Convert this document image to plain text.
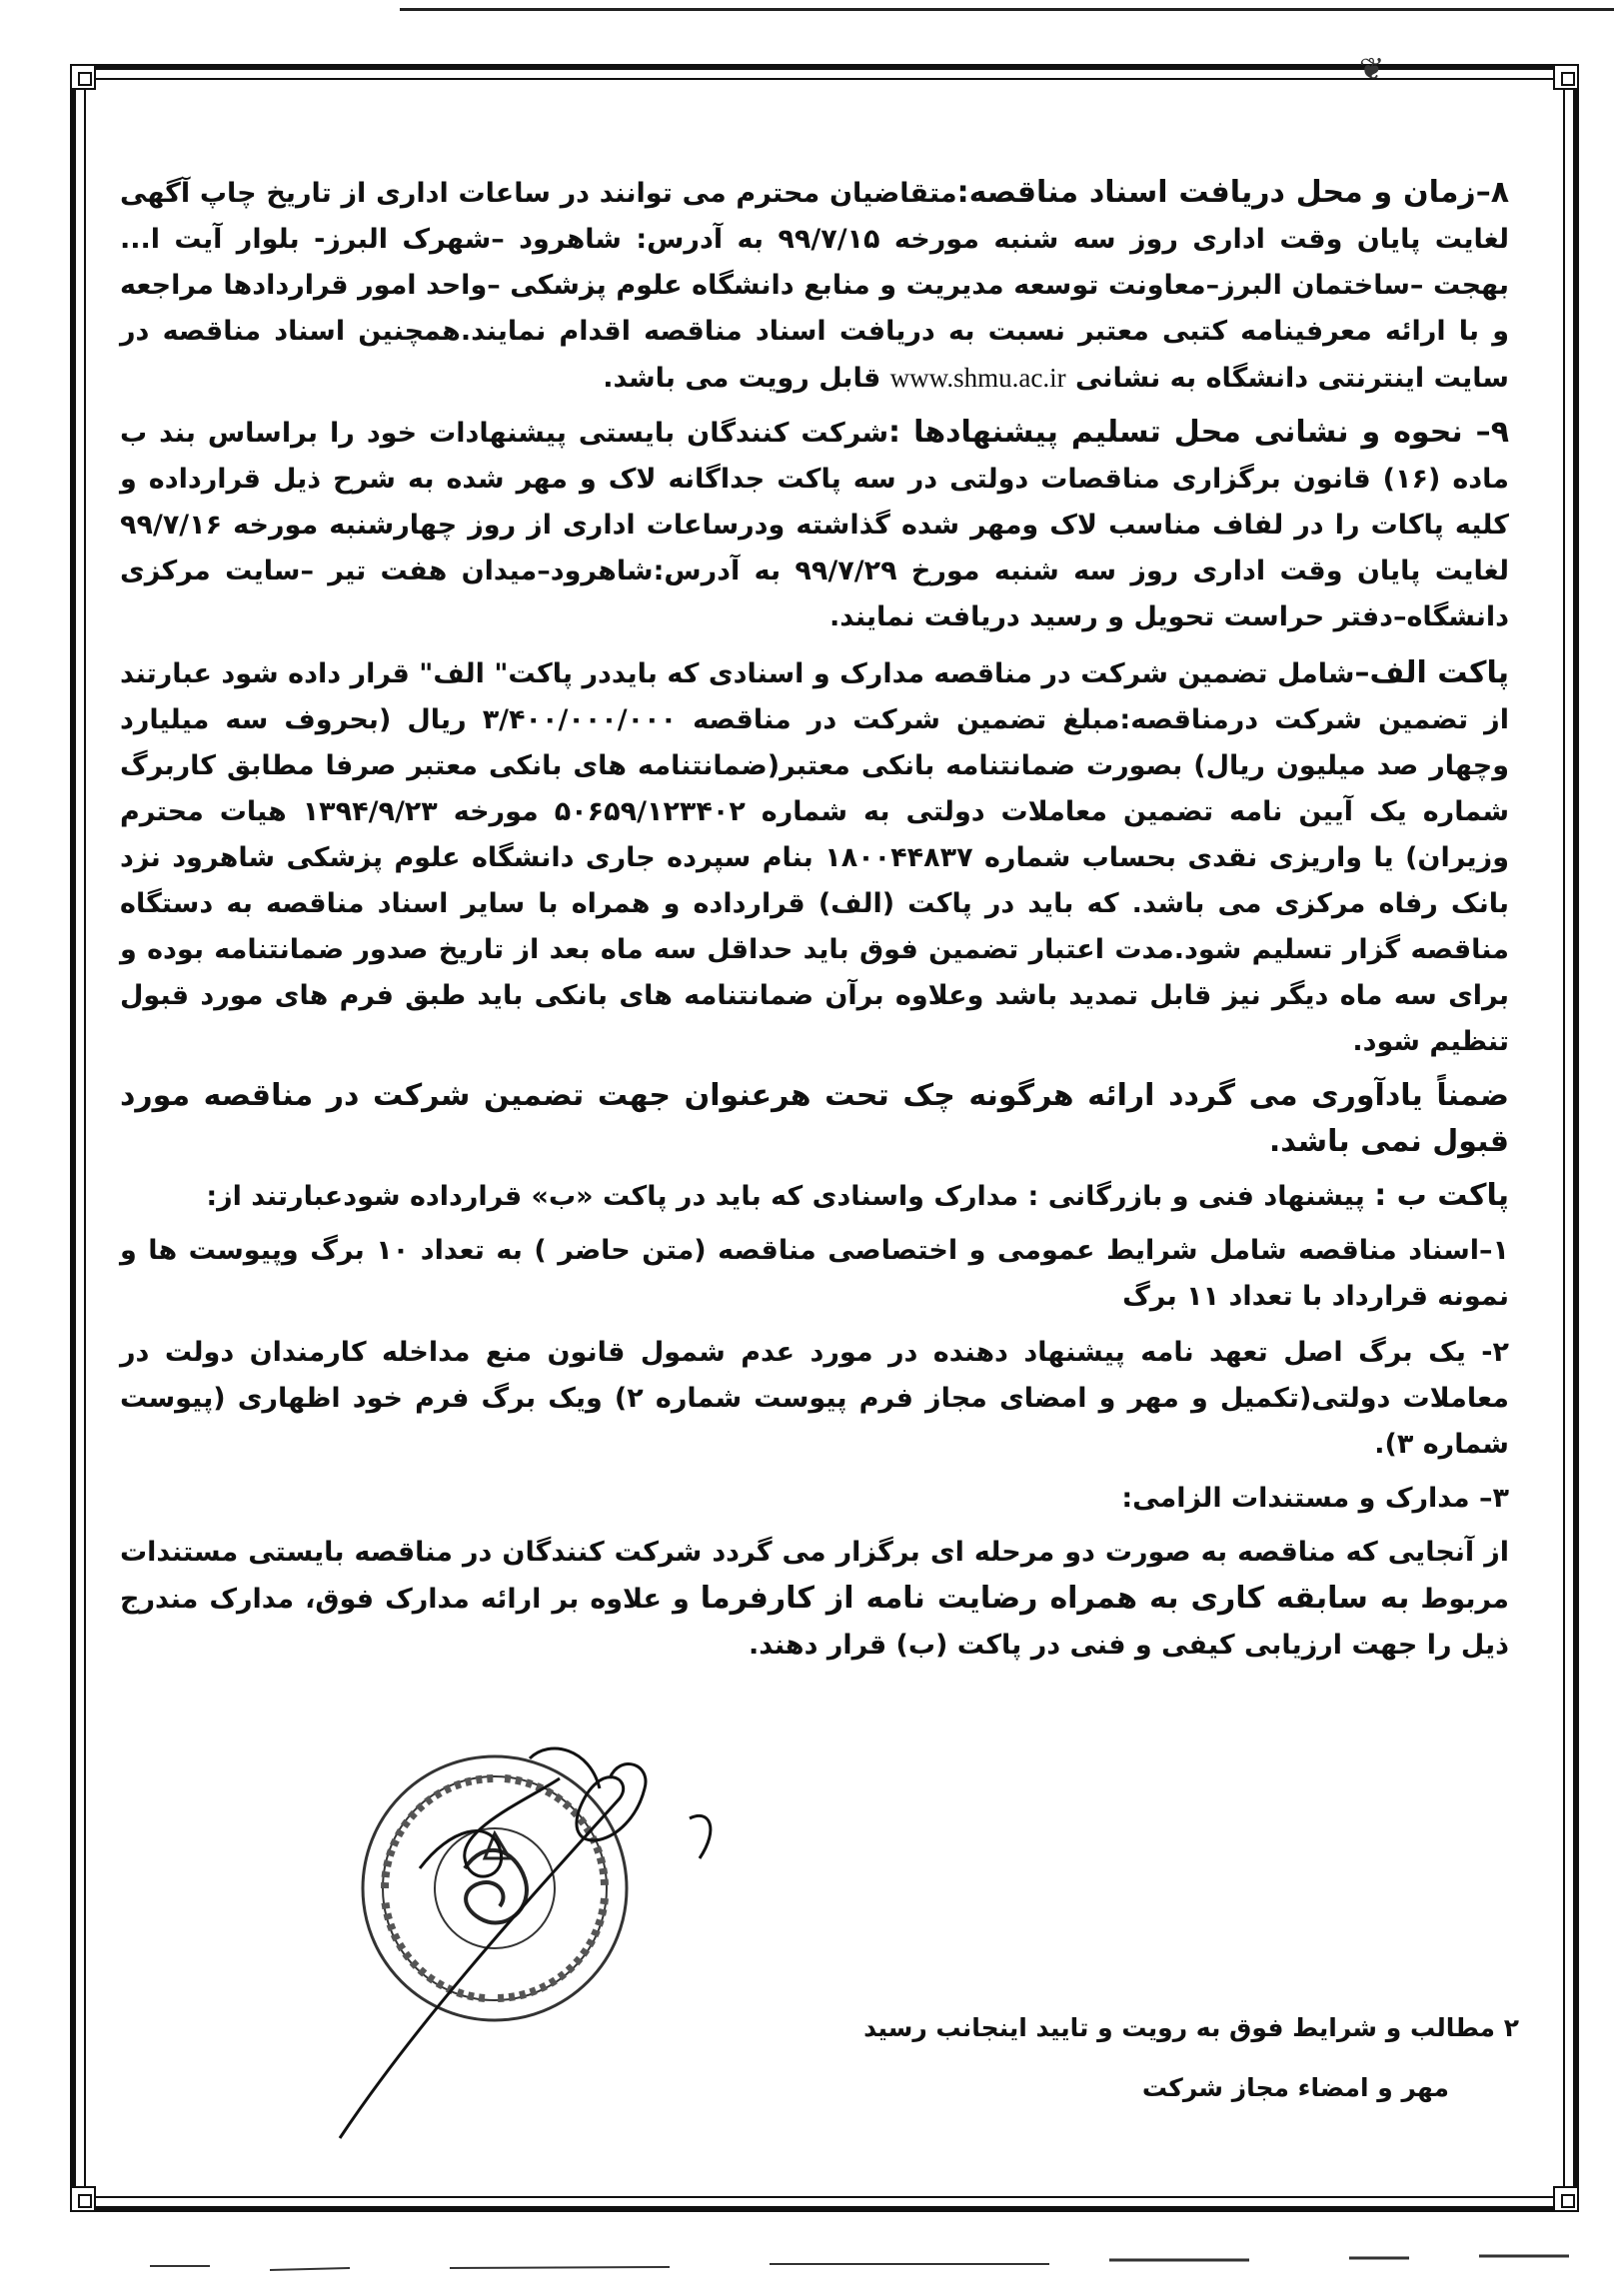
❦

۸–زمان و محل دریافت اسناد مناقصه:متقاضیان محترم می توانند در ساعات اداری از تاریخ چاپ آگهی لغایت پایان وقت اداری روز سه شنبه مورخه ۹۹/۷/۱۵ به آدرس: شاهرود –شهرک البرز- بلوار آیت ا... بهجت –ساختمان البرز–معاونت توسعه مدیریت و منابع دانشگاه علوم پزشکی –واحد امور قراردادها مراجعه و با ارائه معرفینامه کتبی معتبر نسبت به دریافت اسناد مناقصه اقدام نمایند.همچنین اسناد مناقصه در سایت اینترنتی دانشگاه به نشانی www.shmu.ac.ir قابل رویت می باشد.

۹– نحوه و نشانی محل تسلیم پیشنهادها :شرکت کنندگان بایستی پیشنهادات خود را براساس بند ب ماده (۱۶) قانون برگزاری مناقصات دولتی در سه پاکت جداگانه لاک و مهر شده به شرح ذیل قرارداده و کلیه پاکات را در لفاف مناسب لاک ومهر شده گذاشته ودرساعات اداری از روز چهارشنبه مورخه ۹۹/۷/۱۶ لغایت پایان وقت اداری روز سه شنبه مورخ ۹۹/۷/۲۹ به آدرس:شاهرود–میدان هفت تیر –سایت مرکزی دانشگاه–دفتر حراست تحویل و رسید دریافت نمایند.

پاکت الف–شامل تضمین شرکت در مناقصه مدارک و اسنادی که بایددر پاکت" الف" قرار داده شود عبارتند از تضمین شرکت درمناقصه:مبلغ تضمین شرکت در مناقصه ۳/۴۰۰/۰۰۰/۰۰۰ ریال (بحروف سه میلیارد وچهار صد میلیون ریال) بصورت ضمانتنامه بانکی معتبر(ضمانتنامه های بانکی معتبر صرفا مطابق کاربرگ شماره یک آیین نامه تضمین معاملات دولتی به شماره ۵۰۶۵۹/۱۲۳۴۰۲ مورخه ۱۳۹۴/۹/۲۳ هیات محترم وزیران) یا واریزی نقدی بحساب شماره ۱۸۰۰۴۴۸۳۷ بنام سپرده جاری دانشگاه علوم پزشکی شاهرود نزد بانک رفاه مرکزی می باشد. که باید در پاکت (الف) قرارداده و همراه با سایر اسناد مناقصه به دستگاه مناقصه گزار تسلیم شود.مدت اعتبار تضمین فوق باید حداقل سه ماه بعد از تاریخ صدور ضمانتنامه بوده و برای سه ماه دیگر نیز قابل تمدید باشد وعلاوه برآن ضمانتنامه های بانکی باید طبق فرم های مورد قبول تنظیم شود.

ضمناً یادآوری می گردد ارائه هرگونه چک تحت هرعنوان جهت تضمین شرکت در مناقصه مورد قبول نمی باشد.

پاکت ب : پیشنهاد فنی و بازرگانی : مدارک واسنادی که باید در پاکت «ب» قرارداده شودعبارتند از:

۱–اسناد مناقصه شامل شرایط عمومی و اختصاصی مناقصه (متن حاضر ) به تعداد ۱۰ برگ وپیوست ها و نمونه قرارداد با تعداد ۱۱ برگ

۲- یک برگ اصل تعهد نامه پیشنهاد دهنده در مورد عدم شمول قانون منع مداخله کارمندان دولت در معاملات دولتی(تکمیل و مهر و امضای مجاز فرم پیوست شماره ۲) ویک برگ فرم خود اظهاری (پیوست شماره ۳).

۳– مدارک و مستندات الزامی:

از آنجایی که مناقصه به صورت دو مرحله ای برگزار می گردد شرکت کنندگان در مناقصه بایستی مستندات مربوط به سابقه کاری به همراه رضایت نامه از کارفرما و علاوه بر ارائه مدارک فوق، مدارک مندرج ذیل را جهت ارزیابی کیفی و فنی در پاکت (ب) قرار دهند.

۲ مطالب و شرایط فوق به رویت و تایید اینجانب رسید
مهر و امضاء مجاز شرکت
